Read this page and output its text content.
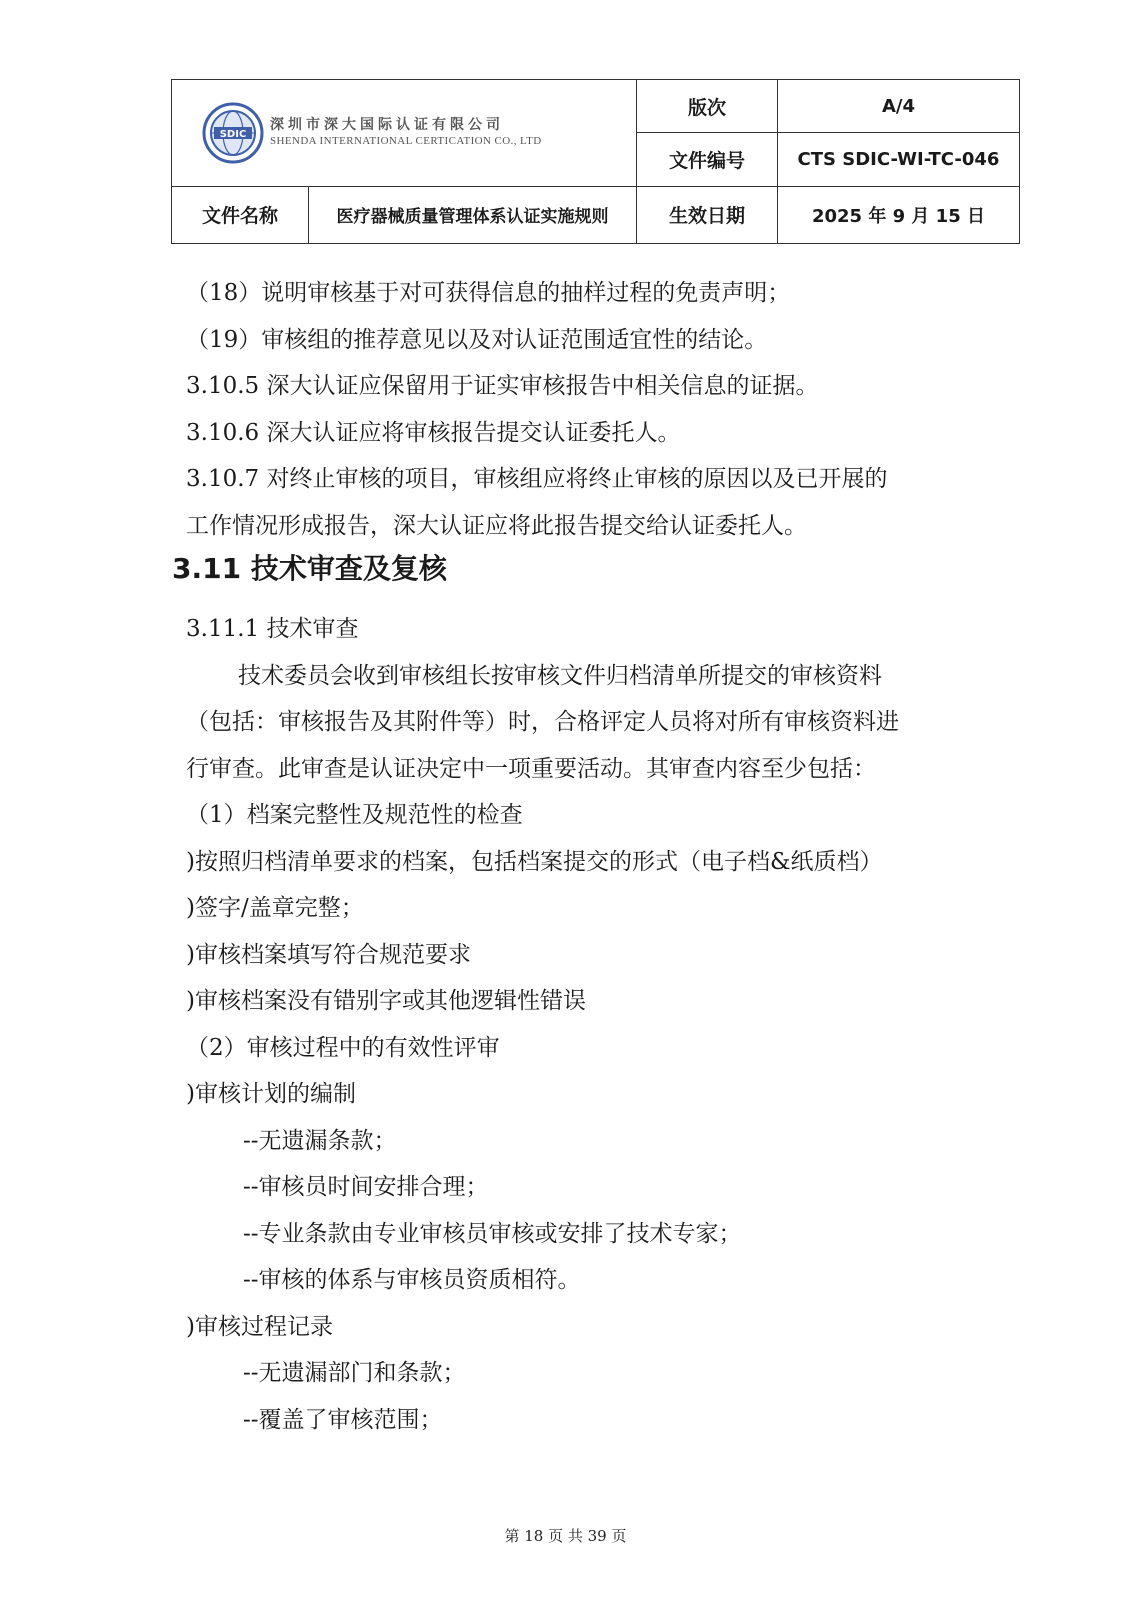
SDIC
深圳市深大国际认证有限公司
SHENDA INTERNATIONAL CERTICATION CO., LTD		版次	A/4
		文件编号	CTS SDIC-WI-TC-046
文件名称	医疗器械质量管理体系认证实施规则	生效日期	2025 年 9 月 15 日
（18）说明审核基于对可获得信息的抽样过程的免责声明；
（19）审核组的推荐意见以及对认证范围适宜性的结论。
3.10.5 深大认证应保留用于证实审核报告中相关信息的证据。
3.10.6 深大认证应将审核报告提交认证委托人。
3.10.7 对终止审核的项目，审核组应将终止审核的原因以及已开展的
工作情况形成报告，深大认证应将此报告提交给认证委托人。
3.11 技术审查及复核
3.11.1 技术审查
技术委员会收到审核组长按审核文件归档清单所提交的审核资料
（包括：审核报告及其附件等）时，合格评定人员将对所有审核资料进
行审查。此审查是认证决定中一项重要活动。其审查内容至少包括：
（1）档案完整性及规范性的检查
)按照归档清单要求的档案，包括档案提交的形式（电子档&纸质档）
)签字/盖章完整；
)审核档案填写符合规范要求
)审核档案没有错别字或其他逻辑性错误
（2）审核过程中的有效性评审
)审核计划的编制
--无遗漏条款；
--审核员时间安排合理；
--专业条款由专业审核员审核或安排了技术专家；
--审核的体系与审核员资质相符。
)审核过程记录
--无遗漏部门和条款；
--覆盖了审核范围；
第 18 页 共 39 页
